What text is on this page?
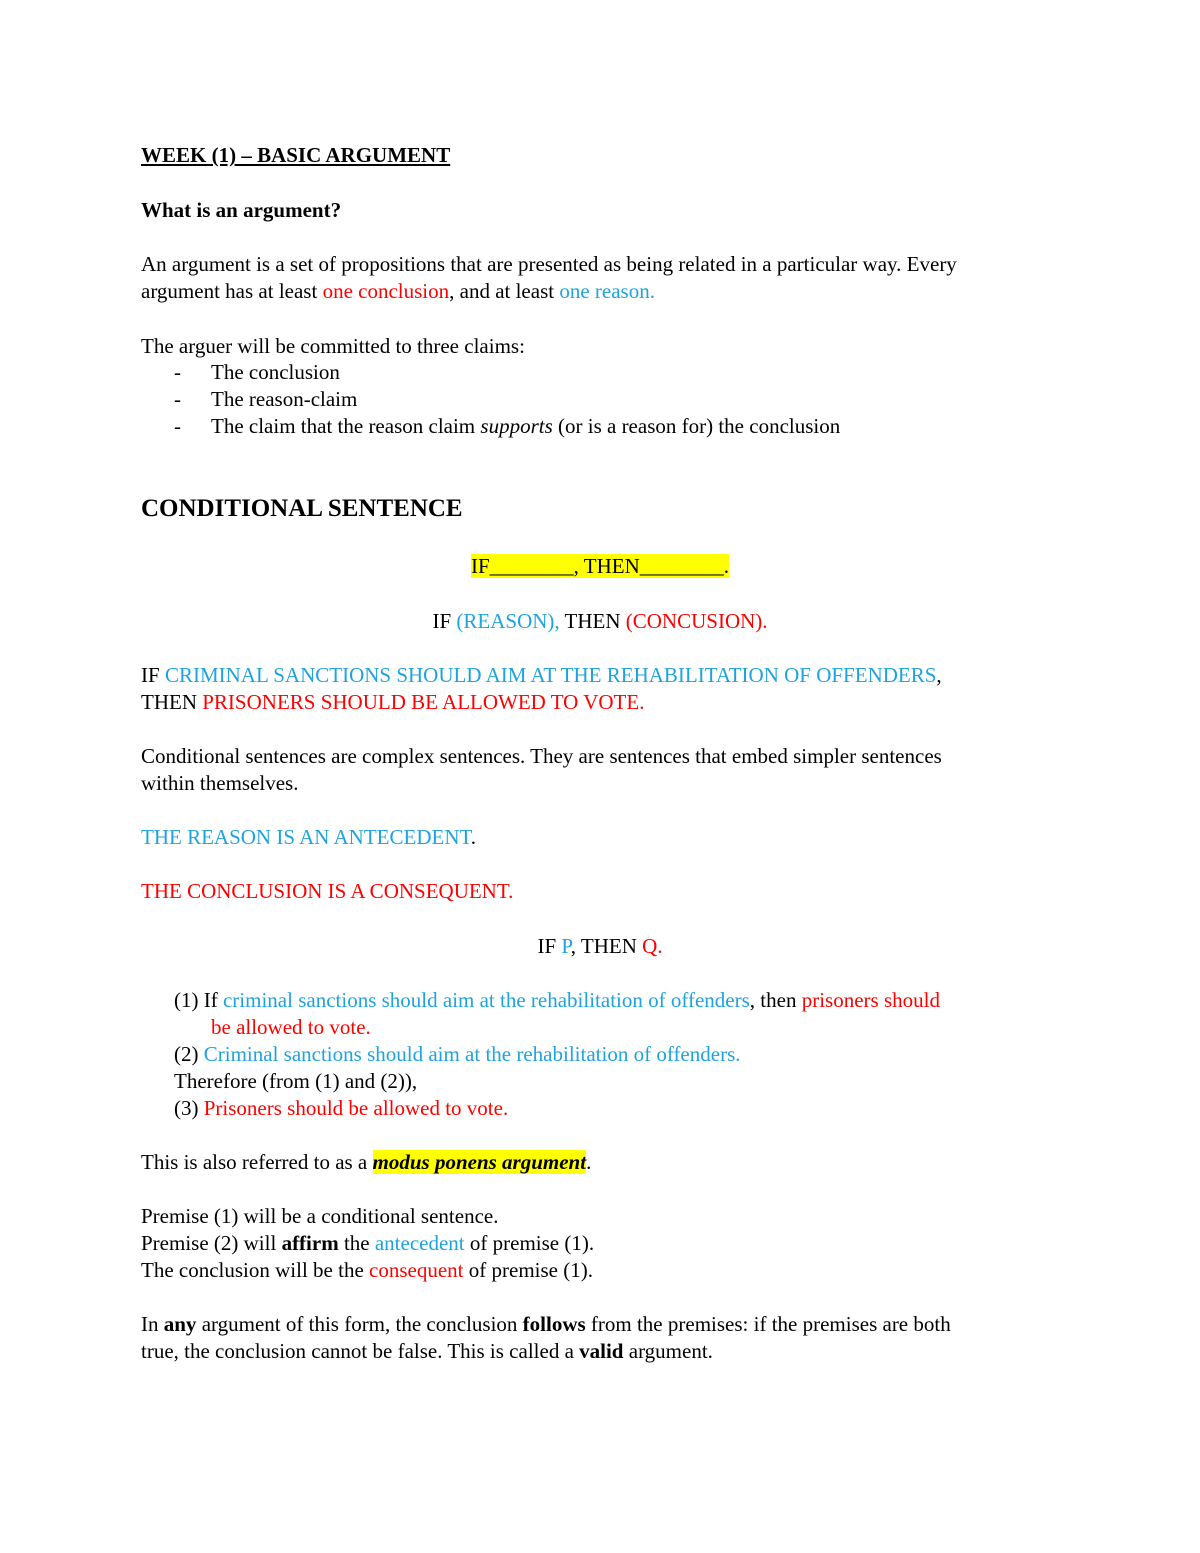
WEEK (1) – BASIC ARGUMENT
What is an argument?
An argument is a set of propositions that are presented as being related in a particular way. Every
argument has at least one conclusion, and at least one reason.
The arguer will be committed to three claims:
-	The conclusion
-	The reason-claim
-	The claim that the reason claim supports (or is a reason for) the conclusion
CONDITIONAL SENTENCE
IF________, THEN________.
IF (REASON), THEN (CONCUSION).
IF CRIMINAL SANCTIONS SHOULD AIM AT THE REHABILITATION OF OFFENDERS,
THEN PRISONERS SHOULD BE ALLOWED TO VOTE.
Conditional sentences are complex sentences. They are sentences that embed simpler sentences
within themselves.
THE REASON IS AN ANTECEDENT.
THE CONCLUSION IS A CONSEQUENT.
IF P, THEN Q.
(1) If criminal sanctions should aim at the rehabilitation of offenders, then prisoners should
be allowed to vote.
(2) Criminal sanctions should aim at the rehabilitation of offenders.
Therefore (from (1) and (2)),
(3) Prisoners should be allowed to vote.
This is also referred to as a modus ponens argument.
Premise (1) will be a conditional sentence.
Premise (2) will affirm the antecedent of premise (1).
The conclusion will be the consequent of premise (1).
In any argument of this form, the conclusion follows from the premises: if the premises are both
true, the conclusion cannot be false. This is called a valid argument.
